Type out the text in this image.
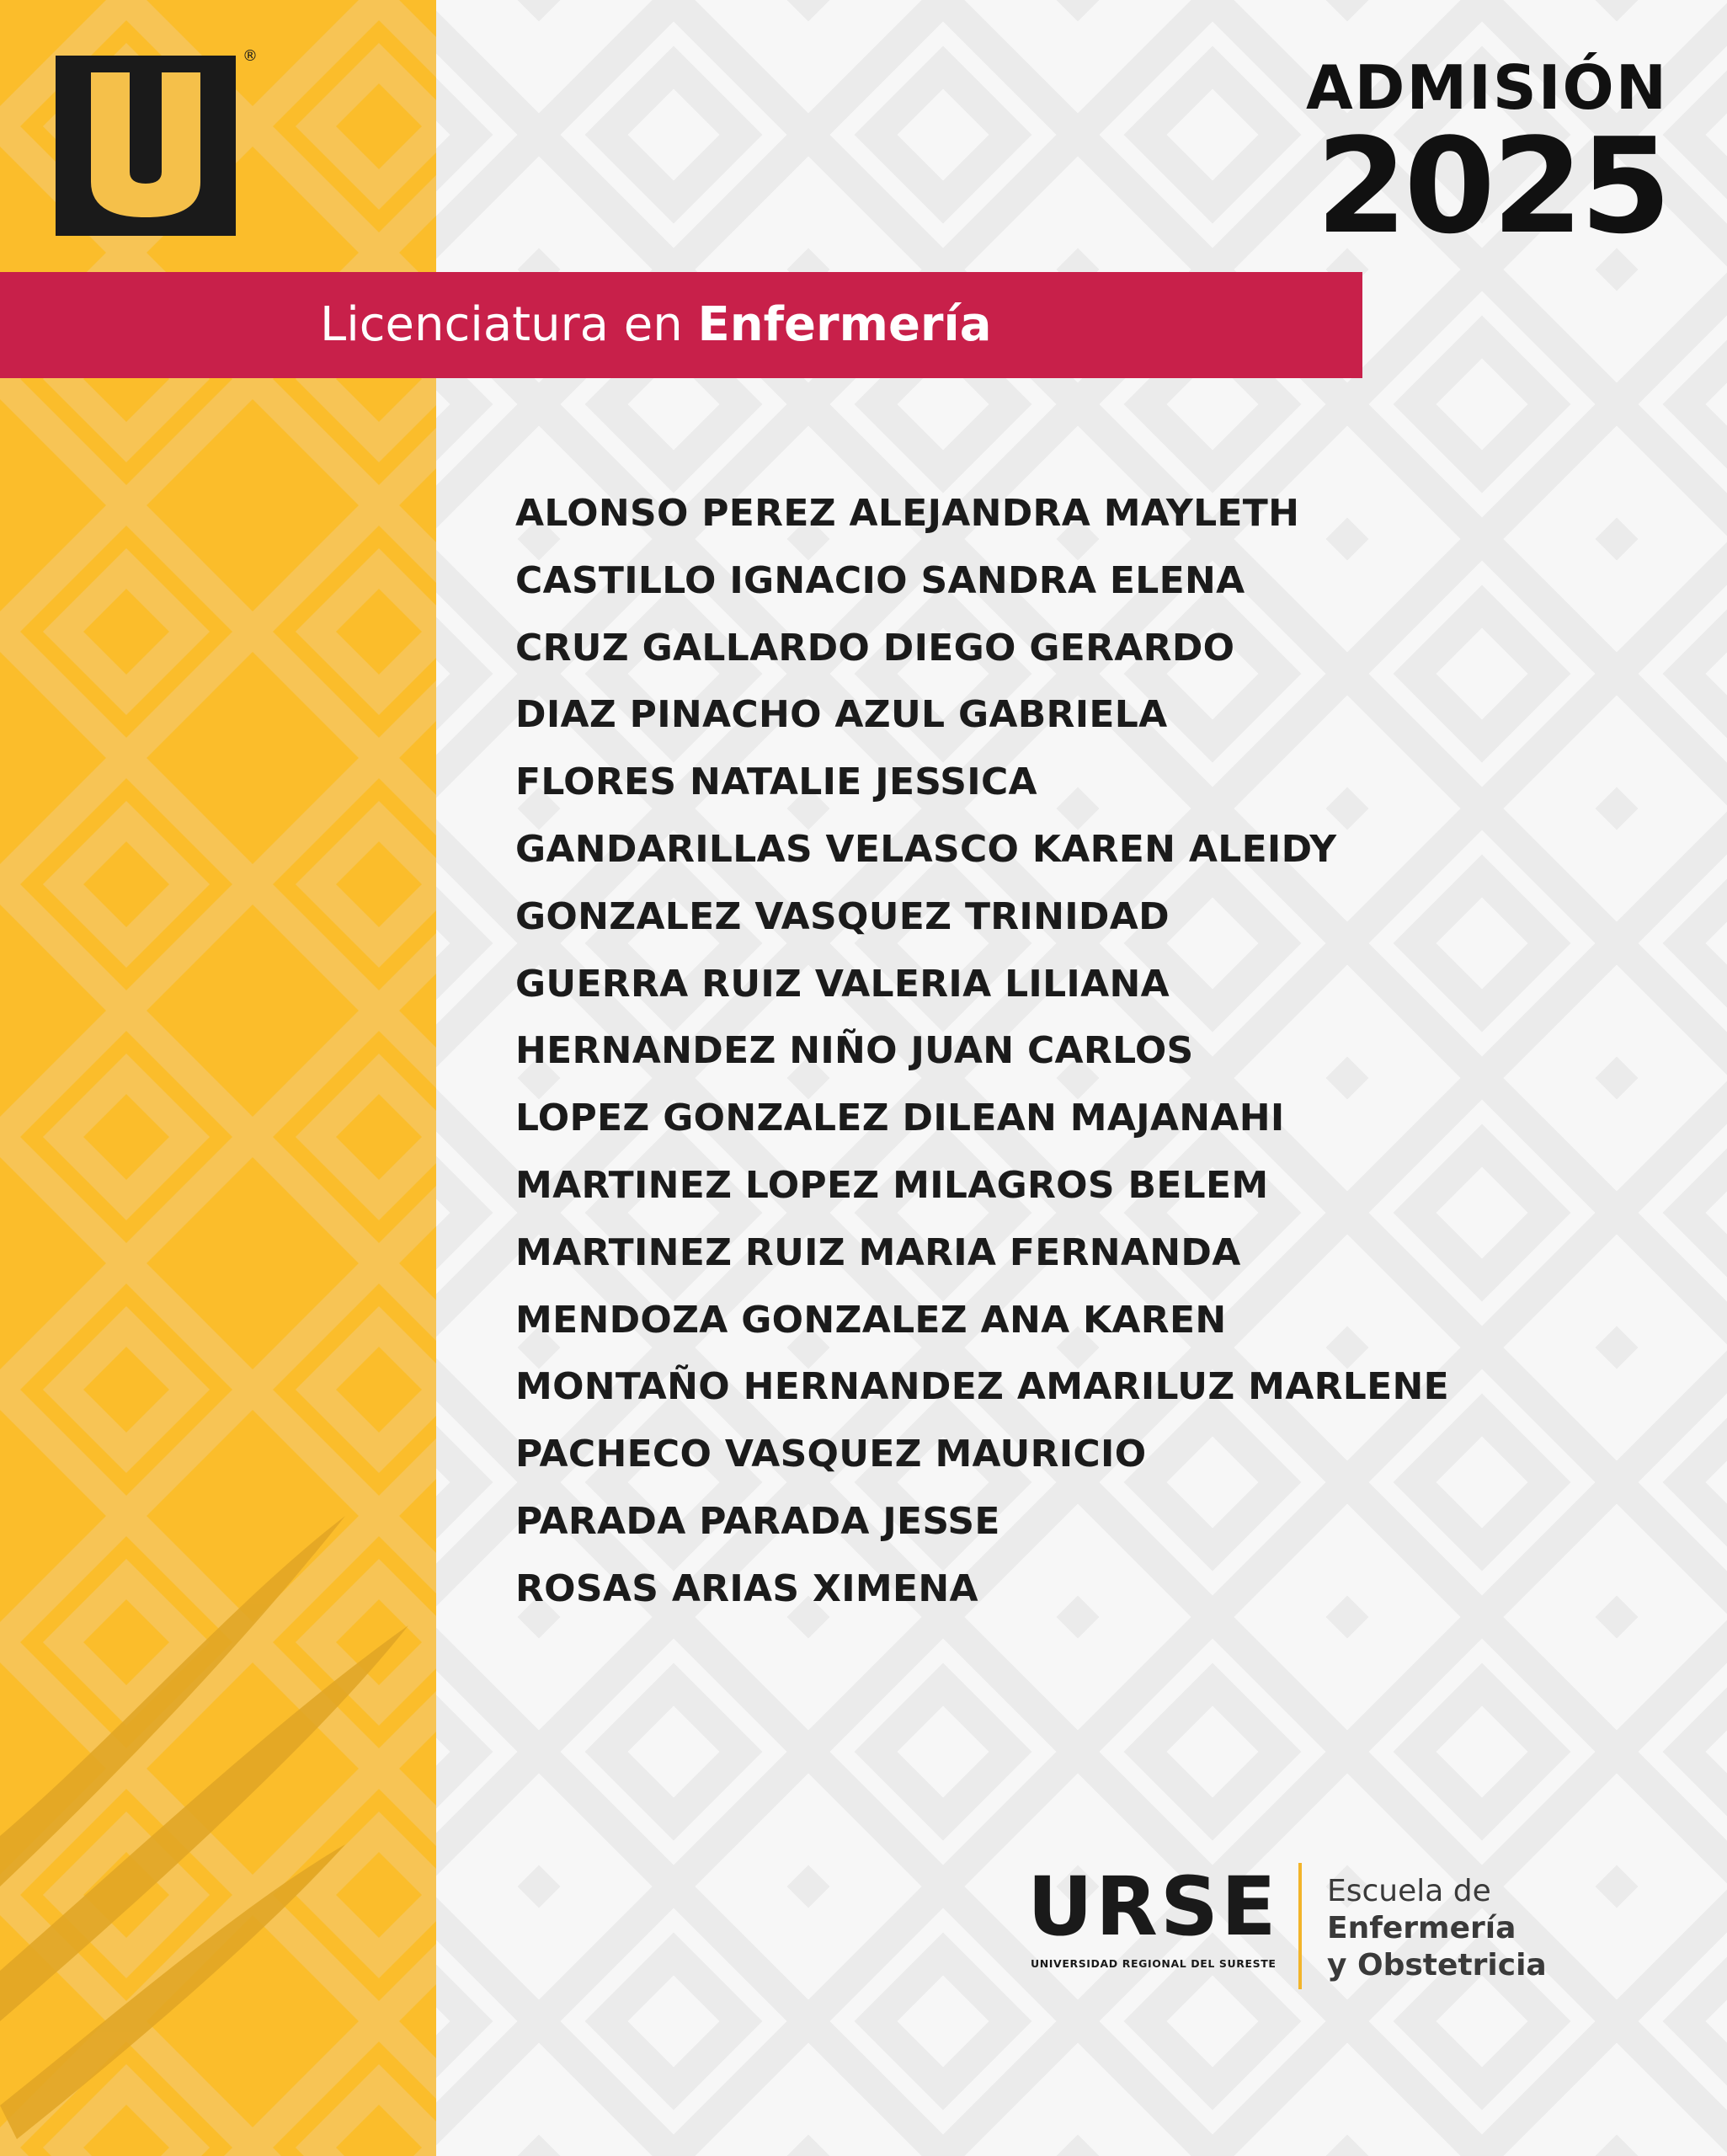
®	ADMISIÓN
2025
Licenciatura en Enfermería
ALONSO PEREZ ALEJANDRA MAYLETH
CASTILLO IGNACIO SANDRA ELENA
CRUZ GALLARDO DIEGO GERARDO
DIAZ PINACHO AZUL GABRIELA
FLORES NATALIE JESSICA
GANDARILLAS VELASCO KAREN ALEIDY
GONZALEZ VASQUEZ TRINIDAD
GUERRA RUIZ VALERIA LILIANA
HERNANDEZ NIÑO JUAN CARLOS
LOPEZ GONZALEZ DILEAN MAJANAHI
MARTINEZ LOPEZ MILAGROS BELEM
MARTINEZ RUIZ MARIA FERNANDA
MENDOZA GONZALEZ ANA KAREN
MONTAÑO HERNANDEZ AMARILUZ MARLENE
PACHECO VASQUEZ MAURICIO
PARADA PARADA JESSE
ROSAS ARIAS XIMENA
URSE
UNIVERSIDAD REGIONAL DEL SURESTE
Escuela de
Enfermería
y Obstetricia
